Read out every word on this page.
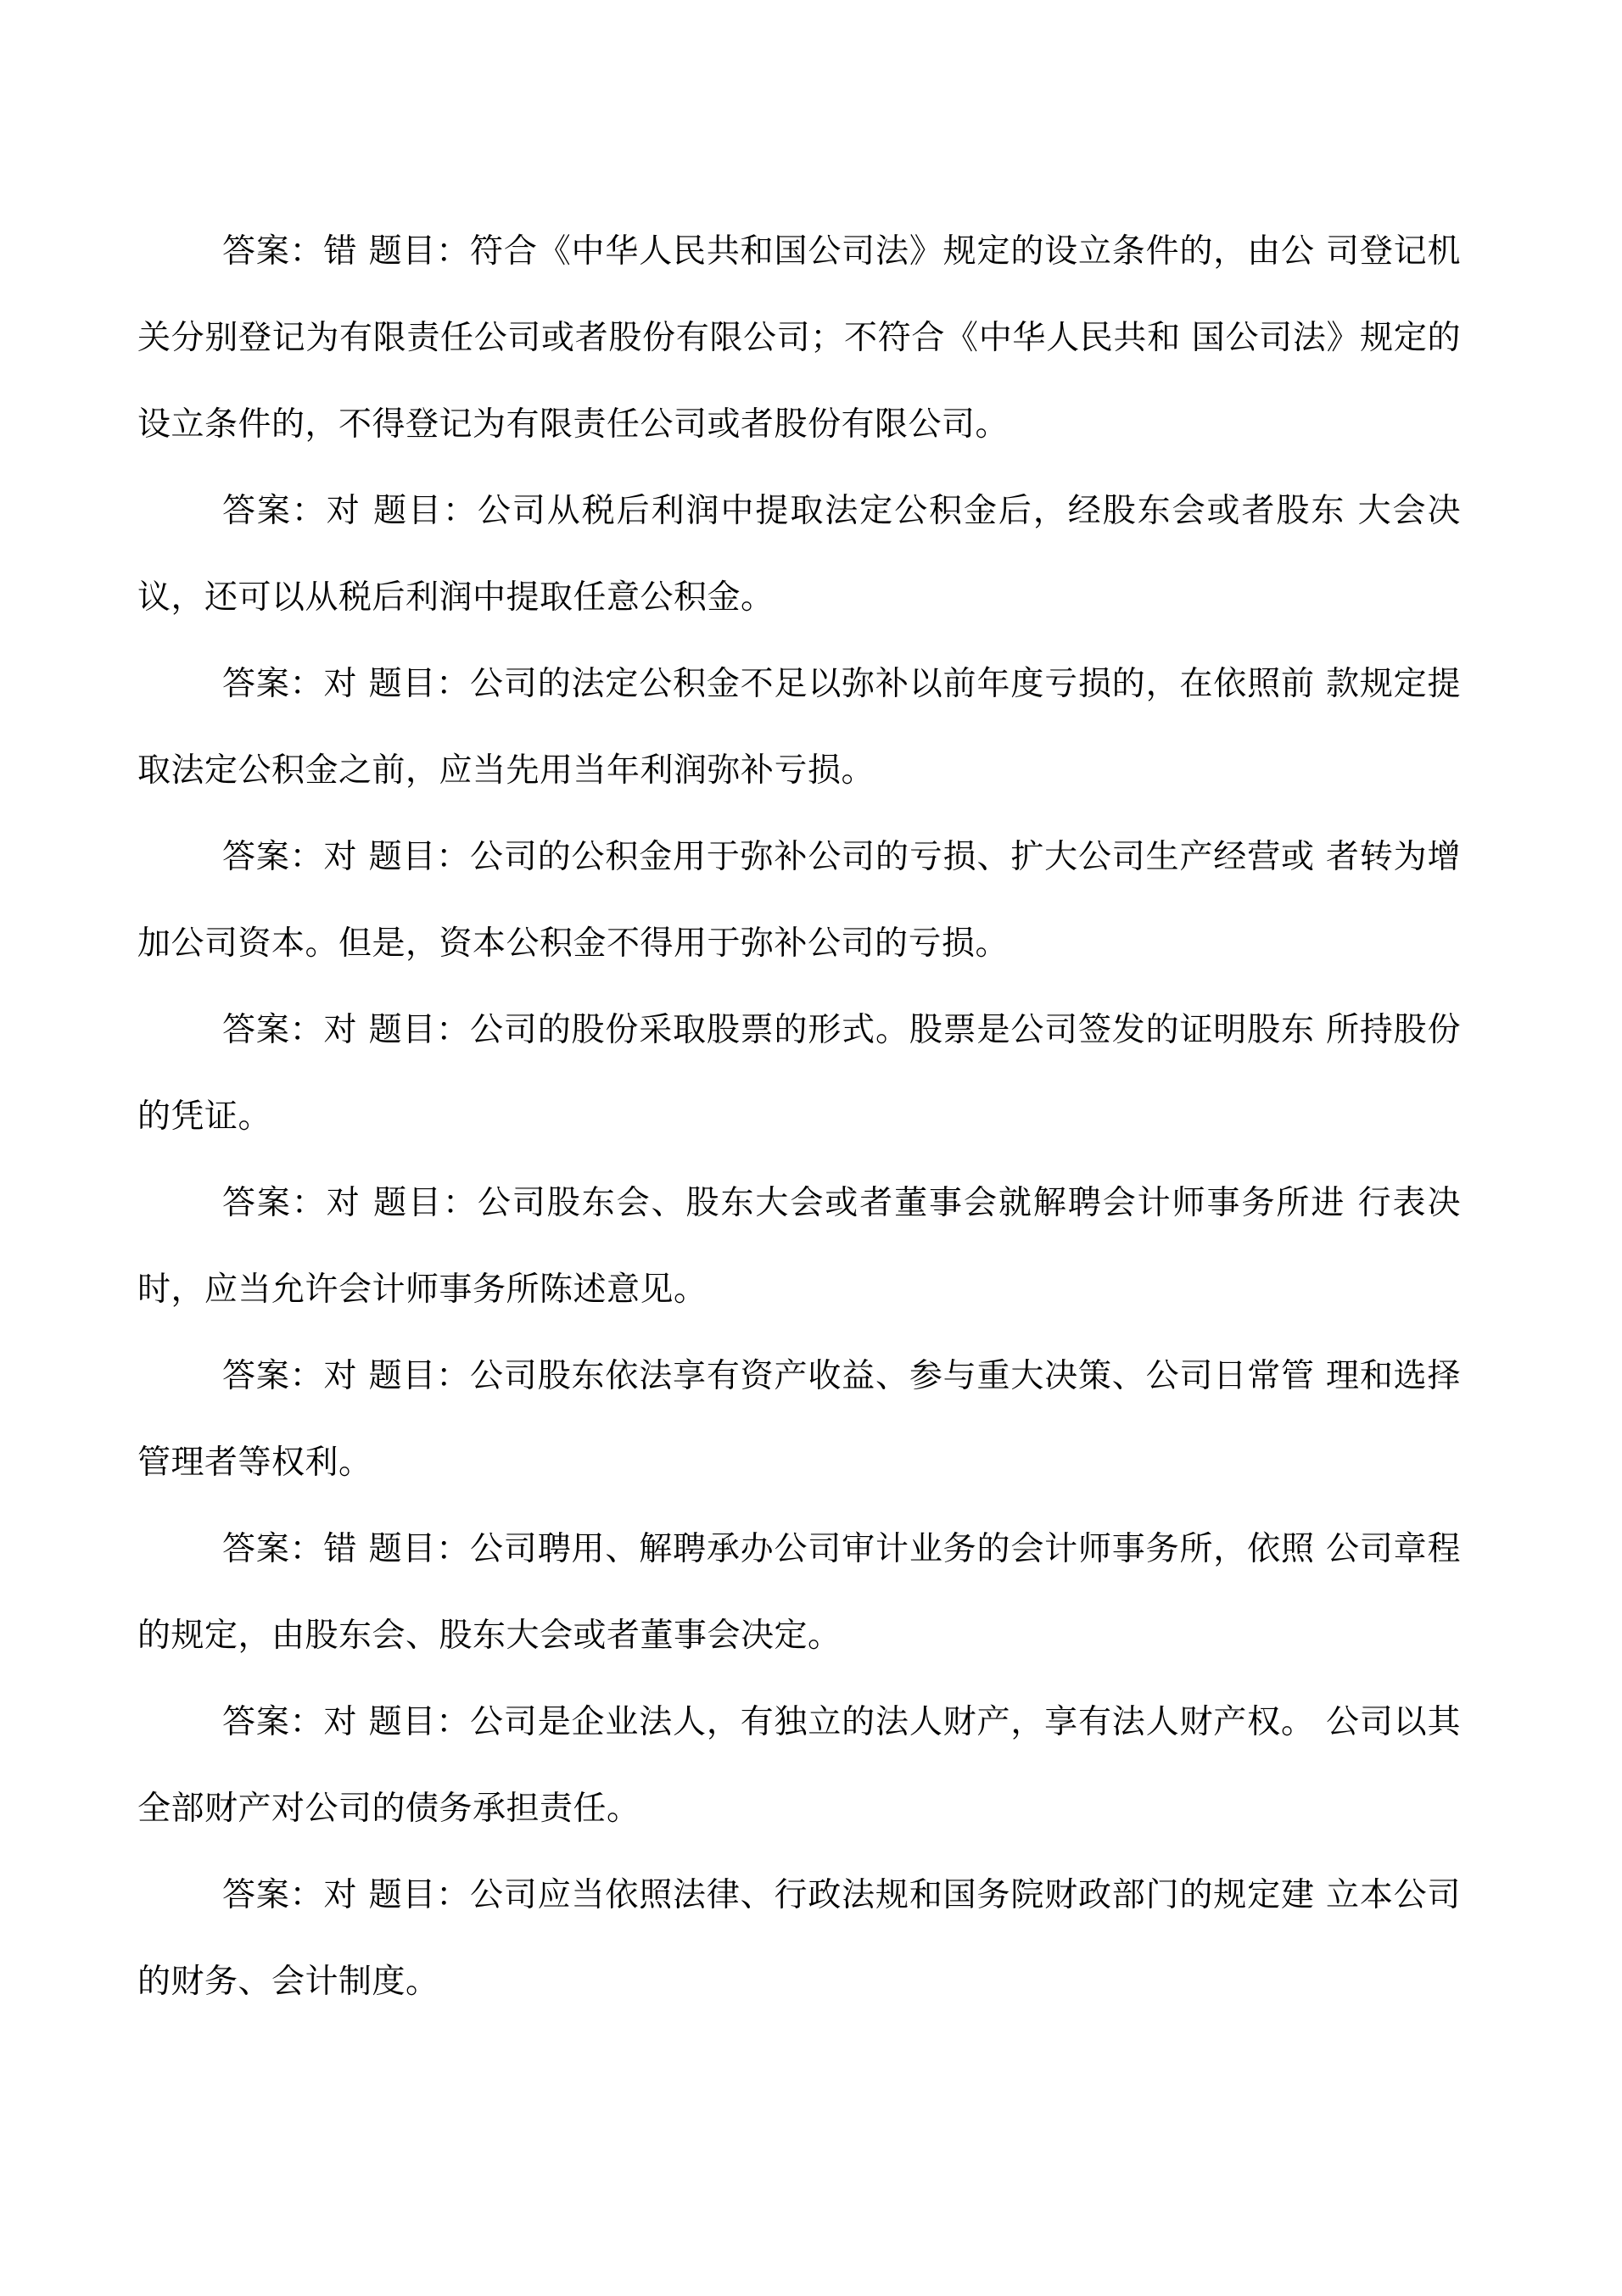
答案：错 题目：符合《中华人民共和国公司法》规定的设立条件的，由公 司登记机关分别登记为有限责任公司或者股份有限公司；不符合《中华人民共和 国公司法》规定的设立条件的，不得登记为有限责任公司或者股份有限公司。

答案：对 题目：公司从税后利润中提取法定公积金后，经股东会或者股东 大会决议，还可以从税后利润中提取任意公积金。

答案：对 题目：公司的法定公积金不足以弥补以前年度亏损的，在依照前 款规定提取法定公积金之前，应当先用当年利润弥补亏损。

答案：对 题目：公司的公积金用于弥补公司的亏损、扩大公司生产经营或 者转为增加公司资本。但是，资本公积金不得用于弥补公司的亏损。

答案：对 题目：公司的股份采取股票的形式。股票是公司签发的证明股东 所持股份的凭证。

答案：对 题目：公司股东会、股东大会或者董事会就解聘会计师事务所进 行表决时，应当允许会计师事务所陈述意见。

答案：对 题目：公司股东依法享有资产收益、参与重大决策、公司日常管 理和选择管理者等权利。

答案：错 题目：公司聘用、解聘承办公司审计业务的会计师事务所，依照 公司章程的规定，由股东会、股东大会或者董事会决定。

答案：对 题目：公司是企业法人，有独立的法人财产，享有法人财产权。 公司以其全部财产对公司的债务承担责任。

答案：对 题目：公司应当依照法律、行政法规和国务院财政部门的规定建 立本公司的财务、会计制度。
